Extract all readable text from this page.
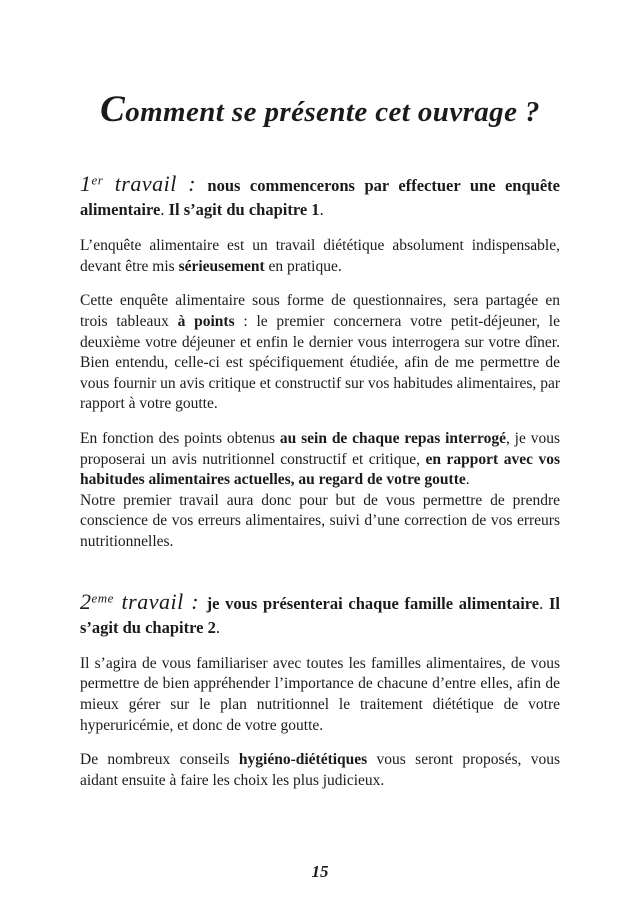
Comment se présente cet ouvrage ?

1er travail : nous commencerons par effectuer une enquête alimentaire. Il s’agit du chapitre 1.

L’enquête alimentaire est un travail diététique absolument indispensable, devant être mis sérieusement en pratique.

Cette enquête alimentaire sous forme de questionnaires, sera partagée en trois tableaux à points : le premier concernera votre petit-déjeuner, le deuxième votre déjeuner et enfin le dernier vous interrogera sur votre dîner. Bien entendu, celle-ci est spécifiquement étudiée, afin de me permettre de vous fournir un avis critique et constructif sur vos habitudes alimentaires, par rapport à votre goutte.

En fonction des points obtenus au sein de chaque repas interrogé, je vous proposerai un avis nutritionnel constructif et critique, en rapport avec vos habitudes alimentaires actuelles, au regard de votre goutte.

Notre premier travail aura donc pour but de vous permettre de prendre conscience de vos erreurs alimentaires, suivi d’une correction de vos erreurs nutritionnelles.

2eme travail : je vous présenterai chaque famille alimentaire. Il s’agit du chapitre 2.

Il s’agira de vous familiariser avec toutes les familles alimentaires, de vous permettre de bien appréhender l’importance de chacune d’entre elles, afin de mieux gérer sur le plan nutritionnel le traitement diététique de votre hyperuricémie, et donc de votre goutte.

De nombreux conseils hygiéno-diététiques vous seront proposés, vous aidant ensuite à faire les choix les plus judicieux.

15
